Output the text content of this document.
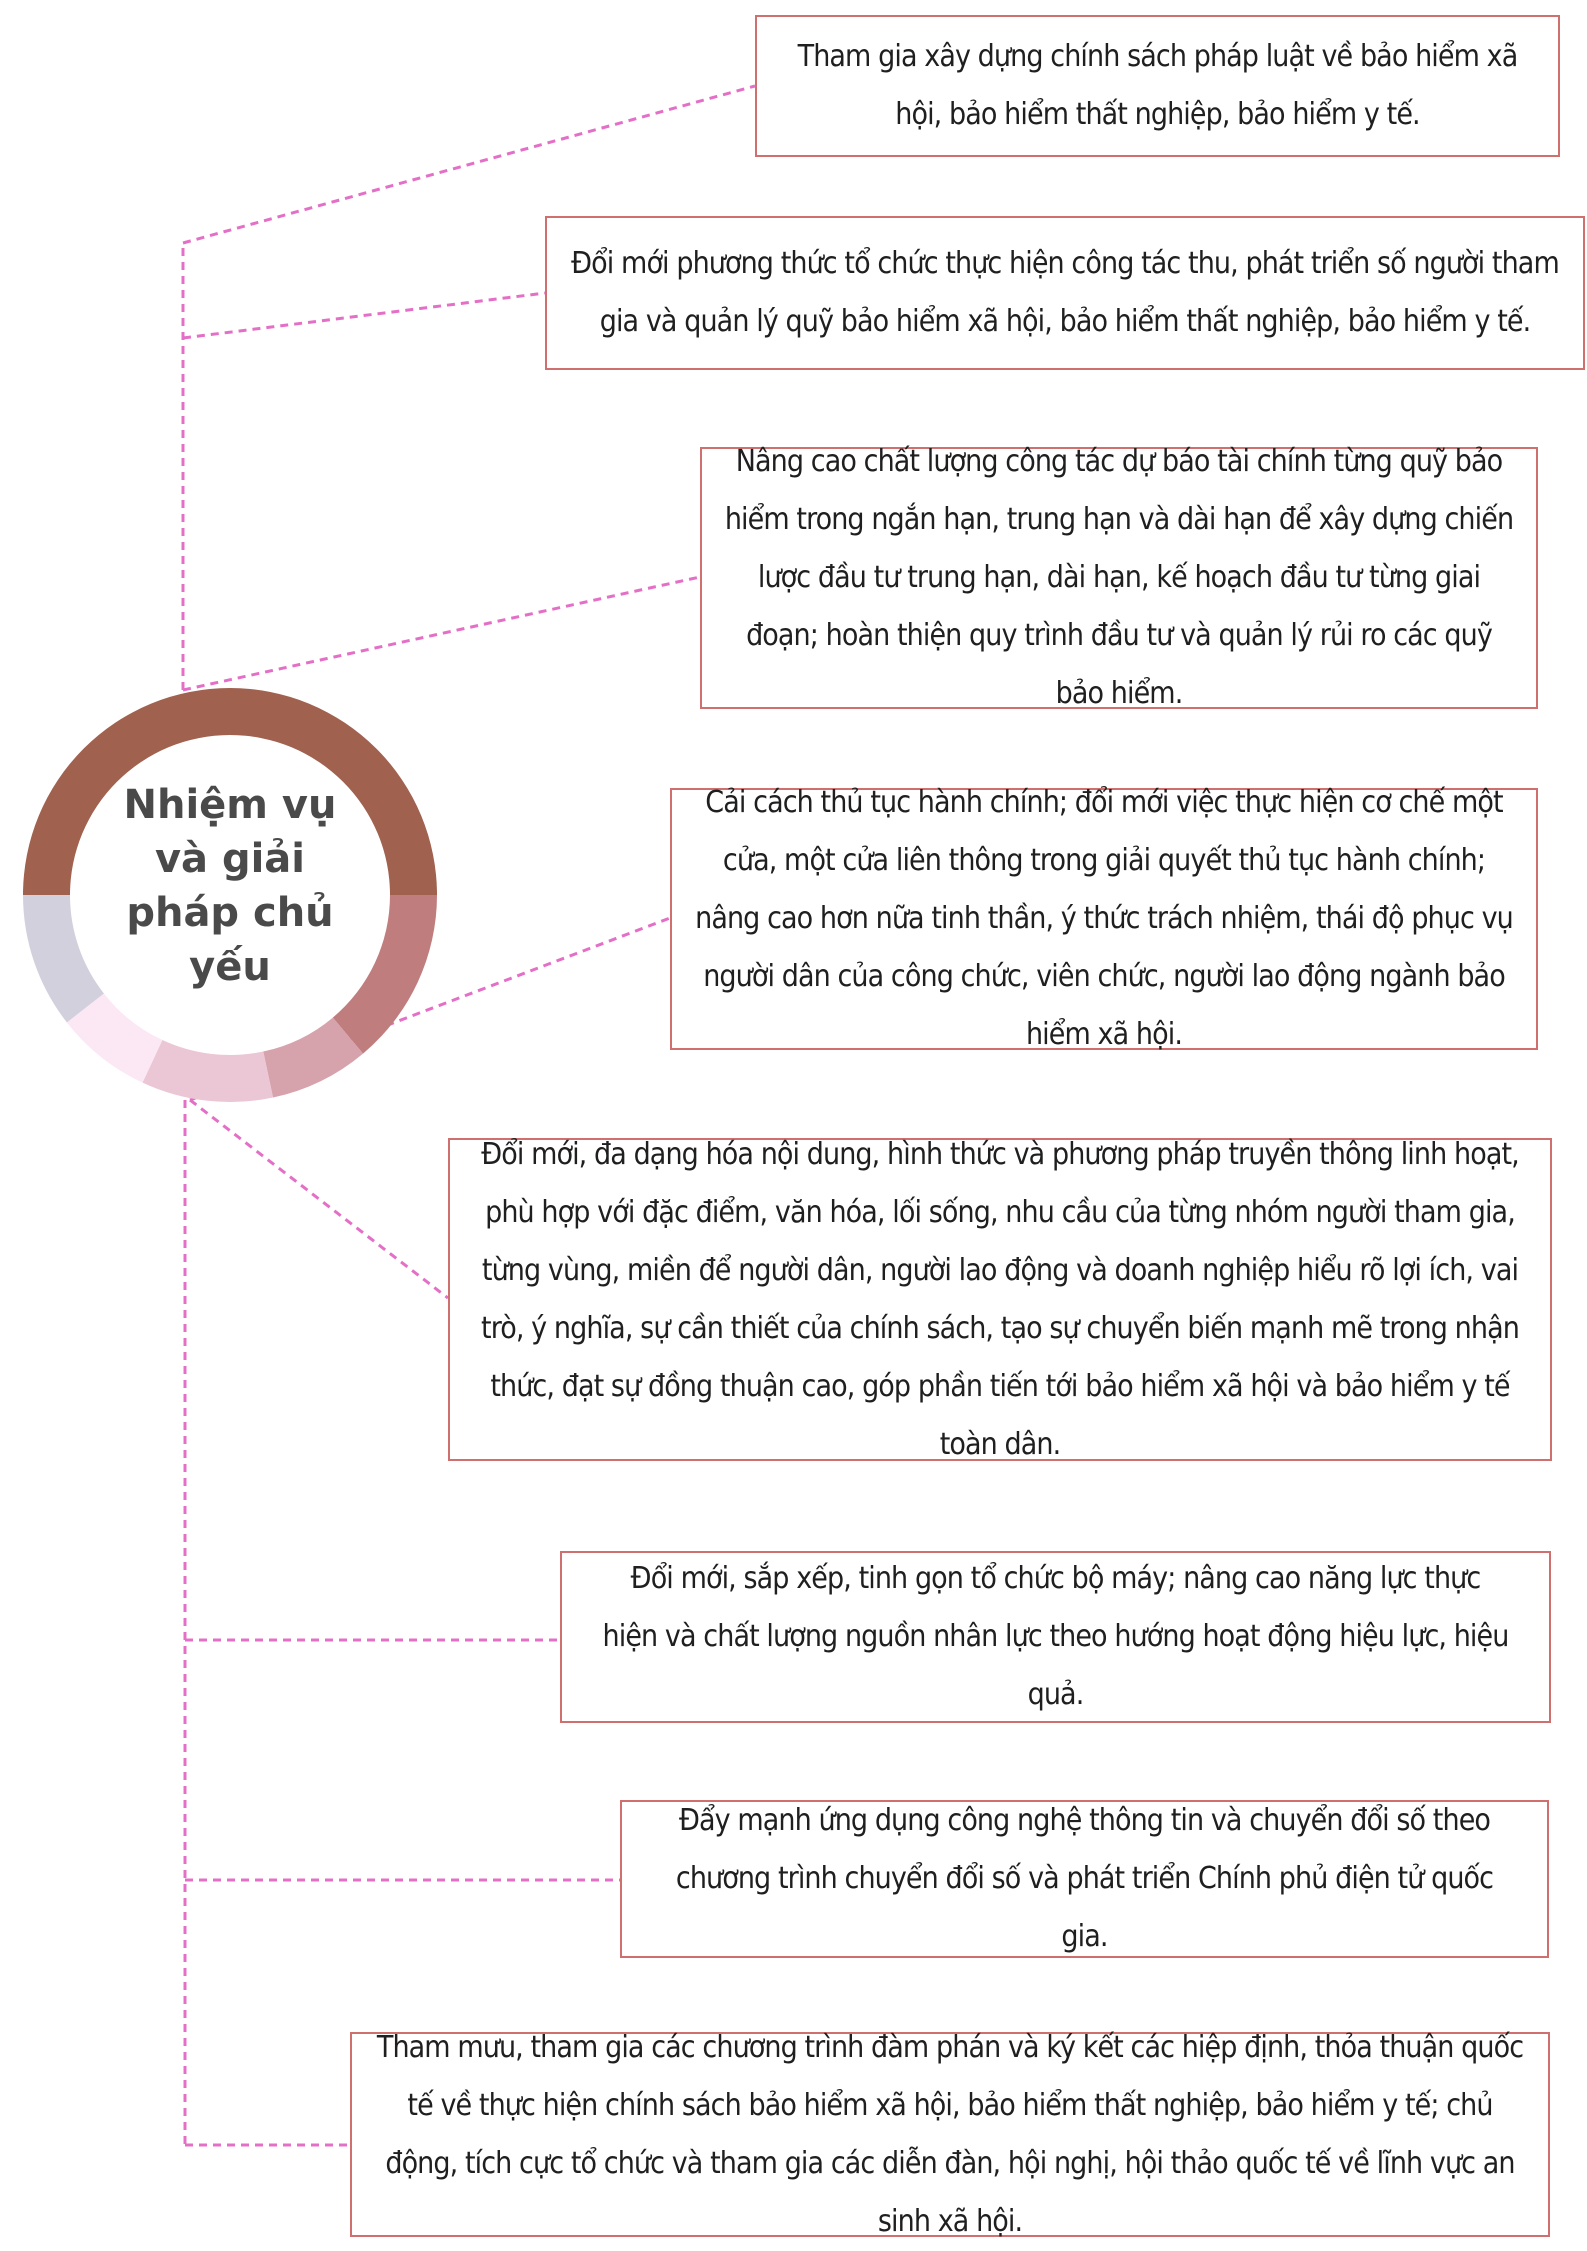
Nhiệm vụ và giải pháp chủ yếu
Tham gia xây dựng chính sách pháp luật về bảo hiểm xã hội, bảo hiểm thất nghiệp, bảo hiểm y tế.
Đổi mới phương thức tổ chức thực hiện công tác thu, phát triển số người tham gia và quản lý quỹ bảo hiểm xã hội, bảo hiểm thất nghiệp, bảo hiểm y tế.
Nâng cao chất lượng công tác dự báo tài chính từng quỹ bảo hiểm trong ngắn hạn, trung hạn và dài hạn để xây dựng chiến lược đầu tư trung hạn, dài hạn, kế hoạch đầu tư từng giai đoạn; hoàn thiện quy trình đầu tư và quản lý rủi ro các quỹ bảo hiểm.
Cải cách thủ tục hành chính; đổi mới việc thực hiện cơ chế một cửa, một cửa liên thông trong giải quyết thủ tục hành chính; nâng cao hơn nữa tinh thần, ý thức trách nhiệm, thái độ phục vụ người dân của công chức, viên chức, người lao động ngành bảo hiểm xã hội.
Đổi mới, đa dạng hóa nội dung, hình thức và phương pháp truyền thông linh hoạt, phù hợp với đặc điểm, văn hóa, lối sống, nhu cầu của từng nhóm người tham gia, từng vùng, miền để người dân, người lao động và doanh nghiệp hiểu rõ lợi ích, vai trò, ý nghĩa, sự cần thiết của chính sách, tạo sự chuyển biến mạnh mẽ trong nhận thức, đạt sự đồng thuận cao, góp phần tiến tới bảo hiểm xã hội và bảo hiểm y tế toàn dân.
Đổi mới, sắp xếp, tinh gọn tổ chức bộ máy; nâng cao năng lực thực hiện và chất lượng nguồn nhân lực theo hướng hoạt động hiệu lực, hiệu quả.
Đẩy mạnh ứng dụng công nghệ thông tin và chuyển đổi số theo chương trình chuyển đổi số và phát triển Chính phủ điện tử quốc gia.
Tham mưu, tham gia các chương trình đàm phán và ký kết các hiệp định, thỏa thuận quốc tế về thực hiện chính sách bảo hiểm xã hội, bảo hiểm thất nghiệp, bảo hiểm y tế; chủ động, tích cực tổ chức và tham gia các diễn đàn, hội nghị, hội thảo quốc tế về lĩnh vực an sinh xã hội.
